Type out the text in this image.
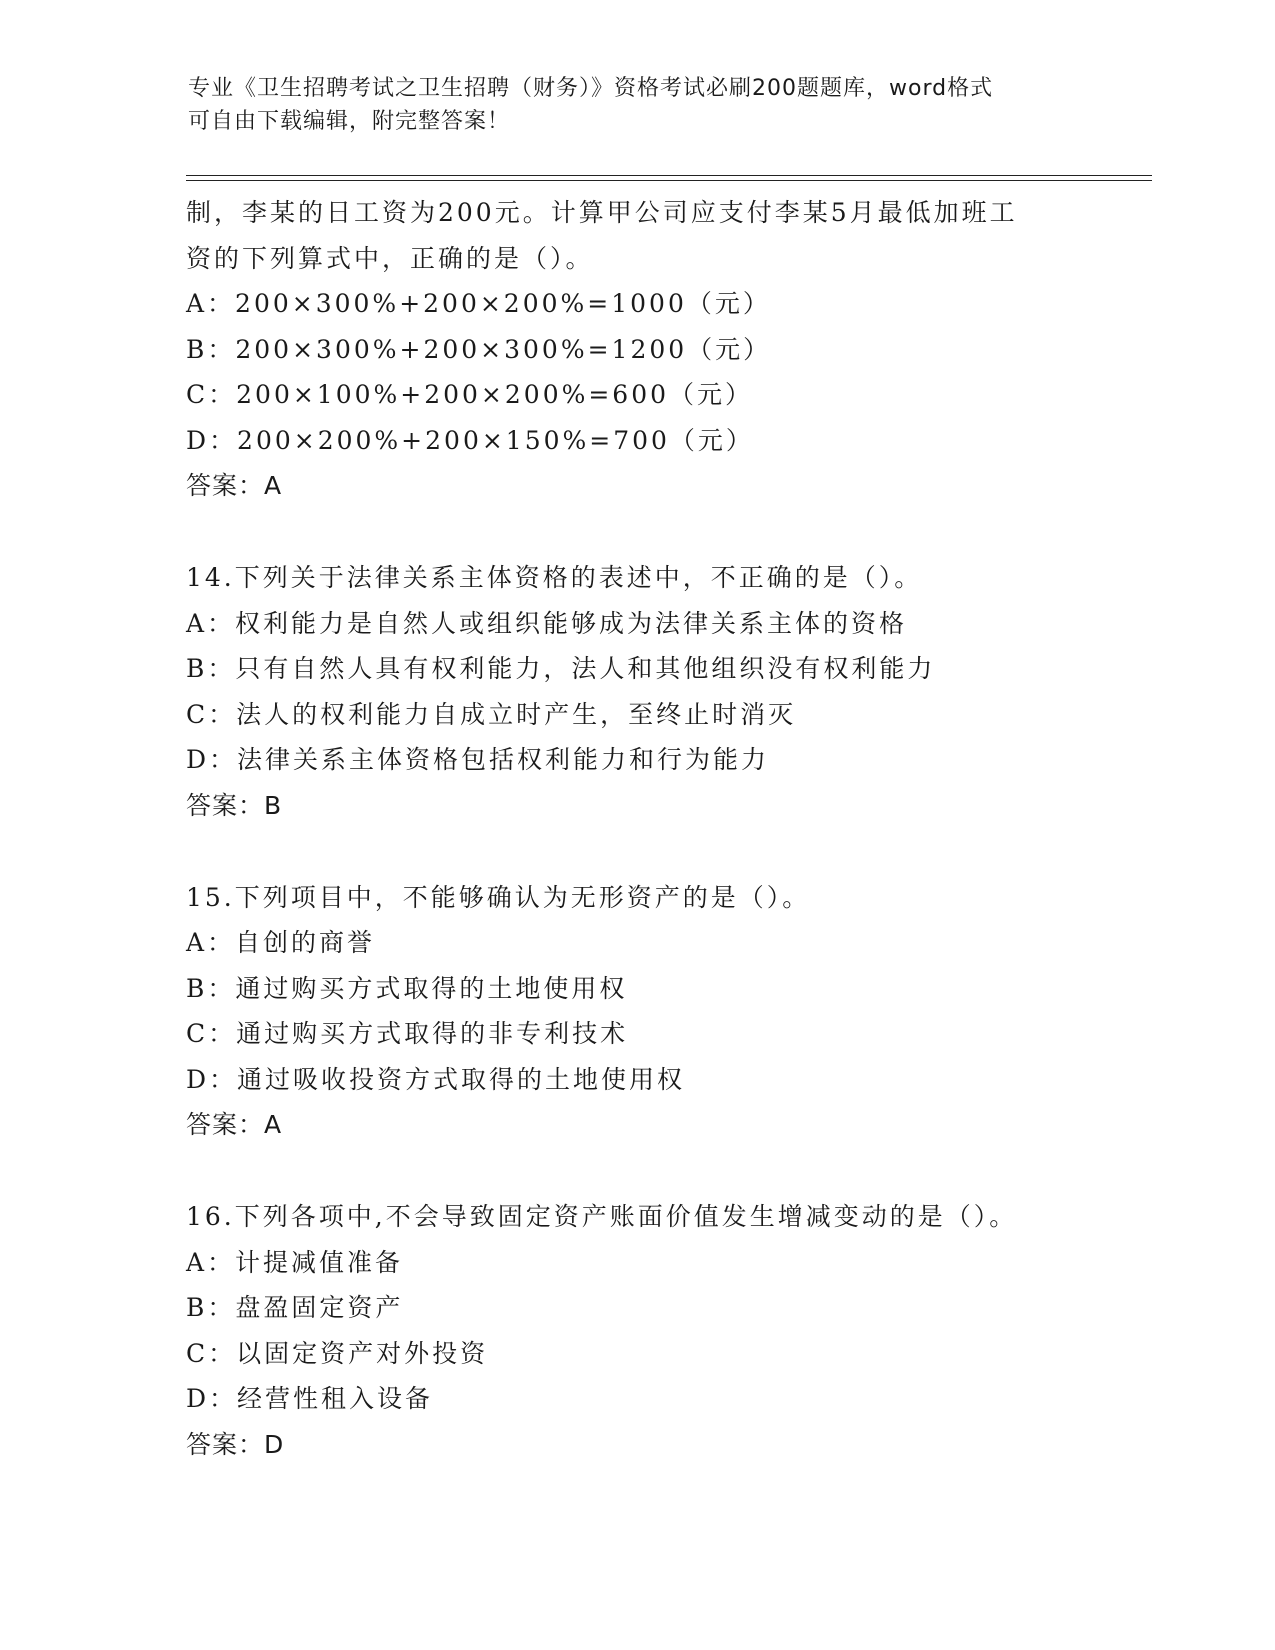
专业《卫生招聘考试之卫生招聘（财务）》资格考试必刷200题题库，word格式
可自由下载编辑，附完整答案！
制，李某的日工资为200元。计算甲公司应支付李某5月最低加班工
资的下列算式中，正确的是（）。
A：200×300%+200×200%=1000（元）
B：200×300%+200×300%=1200（元）
C：200×100%+200×200%=600（元）
D：200×200%+200×150%=700（元）
答案：A
14.下列关于法律关系主体资格的表述中，不正确的是（）。
A：权利能力是自然人或组织能够成为法律关系主体的资格
B：只有自然人具有权利能力，法人和其他组织没有权利能力
C：法人的权利能力自成立时产生，至终止时消灭
D：法律关系主体资格包括权利能力和行为能力
答案：B
15.下列项目中，不能够确认为无形资产的是（）。
A：自创的商誉
B：通过购买方式取得的土地使用权
C：通过购买方式取得的非专利技术
D：通过吸收投资方式取得的土地使用权
答案：A
16.下列各项中,不会导致固定资产账面价值发生增减变动的是（）。
A：计提减值准备
B：盘盈固定资产
C：以固定资产对外投资
D：经营性租入设备
答案：D
